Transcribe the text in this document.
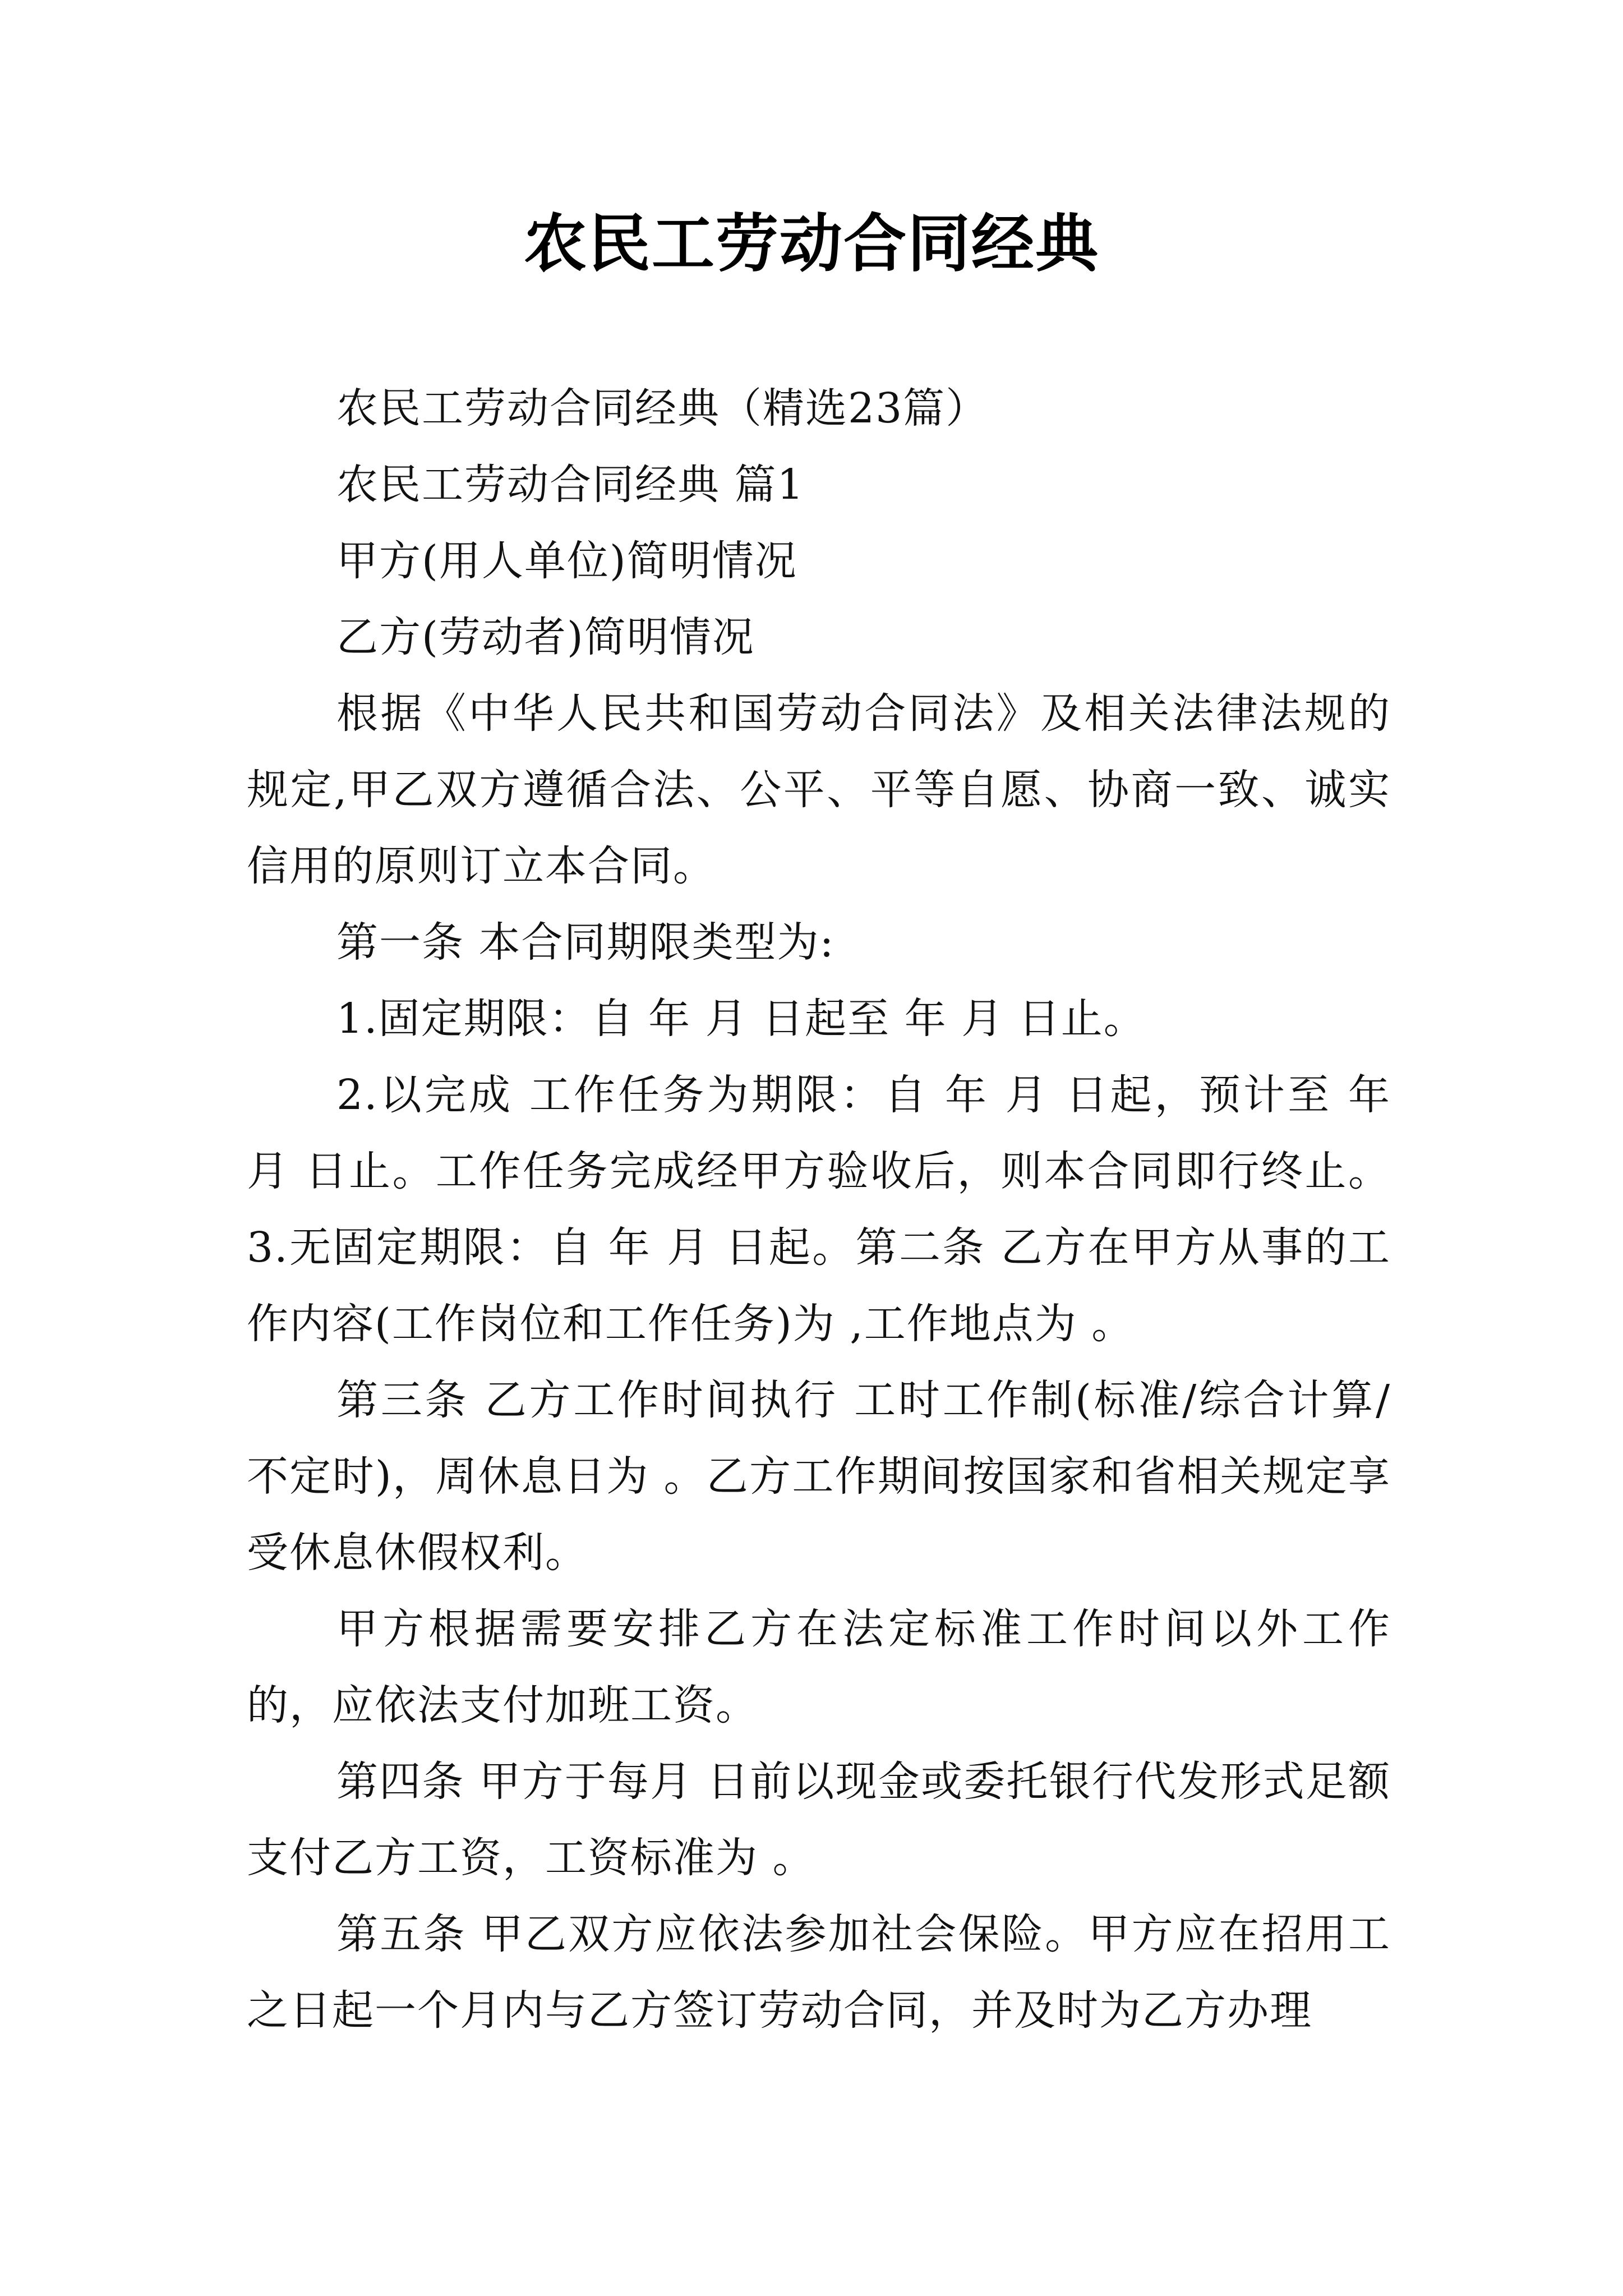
农民工劳动合同经典

农民工劳动合同经典（精选23篇）

农民工劳动合同经典 篇1

甲方(用人单位)简明情况

乙方(劳动者)简明情况

根据《中华人民共和国劳动合同法》及相关法律法规的规定,甲乙双方遵循合法、公平、平等自愿、协商一致、诚实信用的原则订立本合同。

第一条 本合同期限类型为:

1.固定期限：自 年 月 日起至 年 月 日止。

2.以完成 工作任务为期限：自 年 月 日起，预计至 年 月 日止。工作任务完成经甲方验收后，则本合同即行终止。 3.无固定期限：自 年 月 日起。第二条 乙方在甲方从事的工作内容(工作岗位和工作任务)为 ,工作地点为 。

第三条 乙方工作时间执行 工时工作制(标准/综合计算/不定时)，周休息日为 。乙方工作期间按国家和省相关规定享受休息休假权利。

甲方根据需要安排乙方在法定标准工作时间以外工作的，应依法支付加班工资。

第四条 甲方于每月 日前以现金或委托银行代发形式足额支付乙方工资，工资标准为 。

第五条 甲乙双方应依法参加社会保险。甲方应在招用工之日起一个月内与乙方签订劳动合同，并及时为乙方办理
